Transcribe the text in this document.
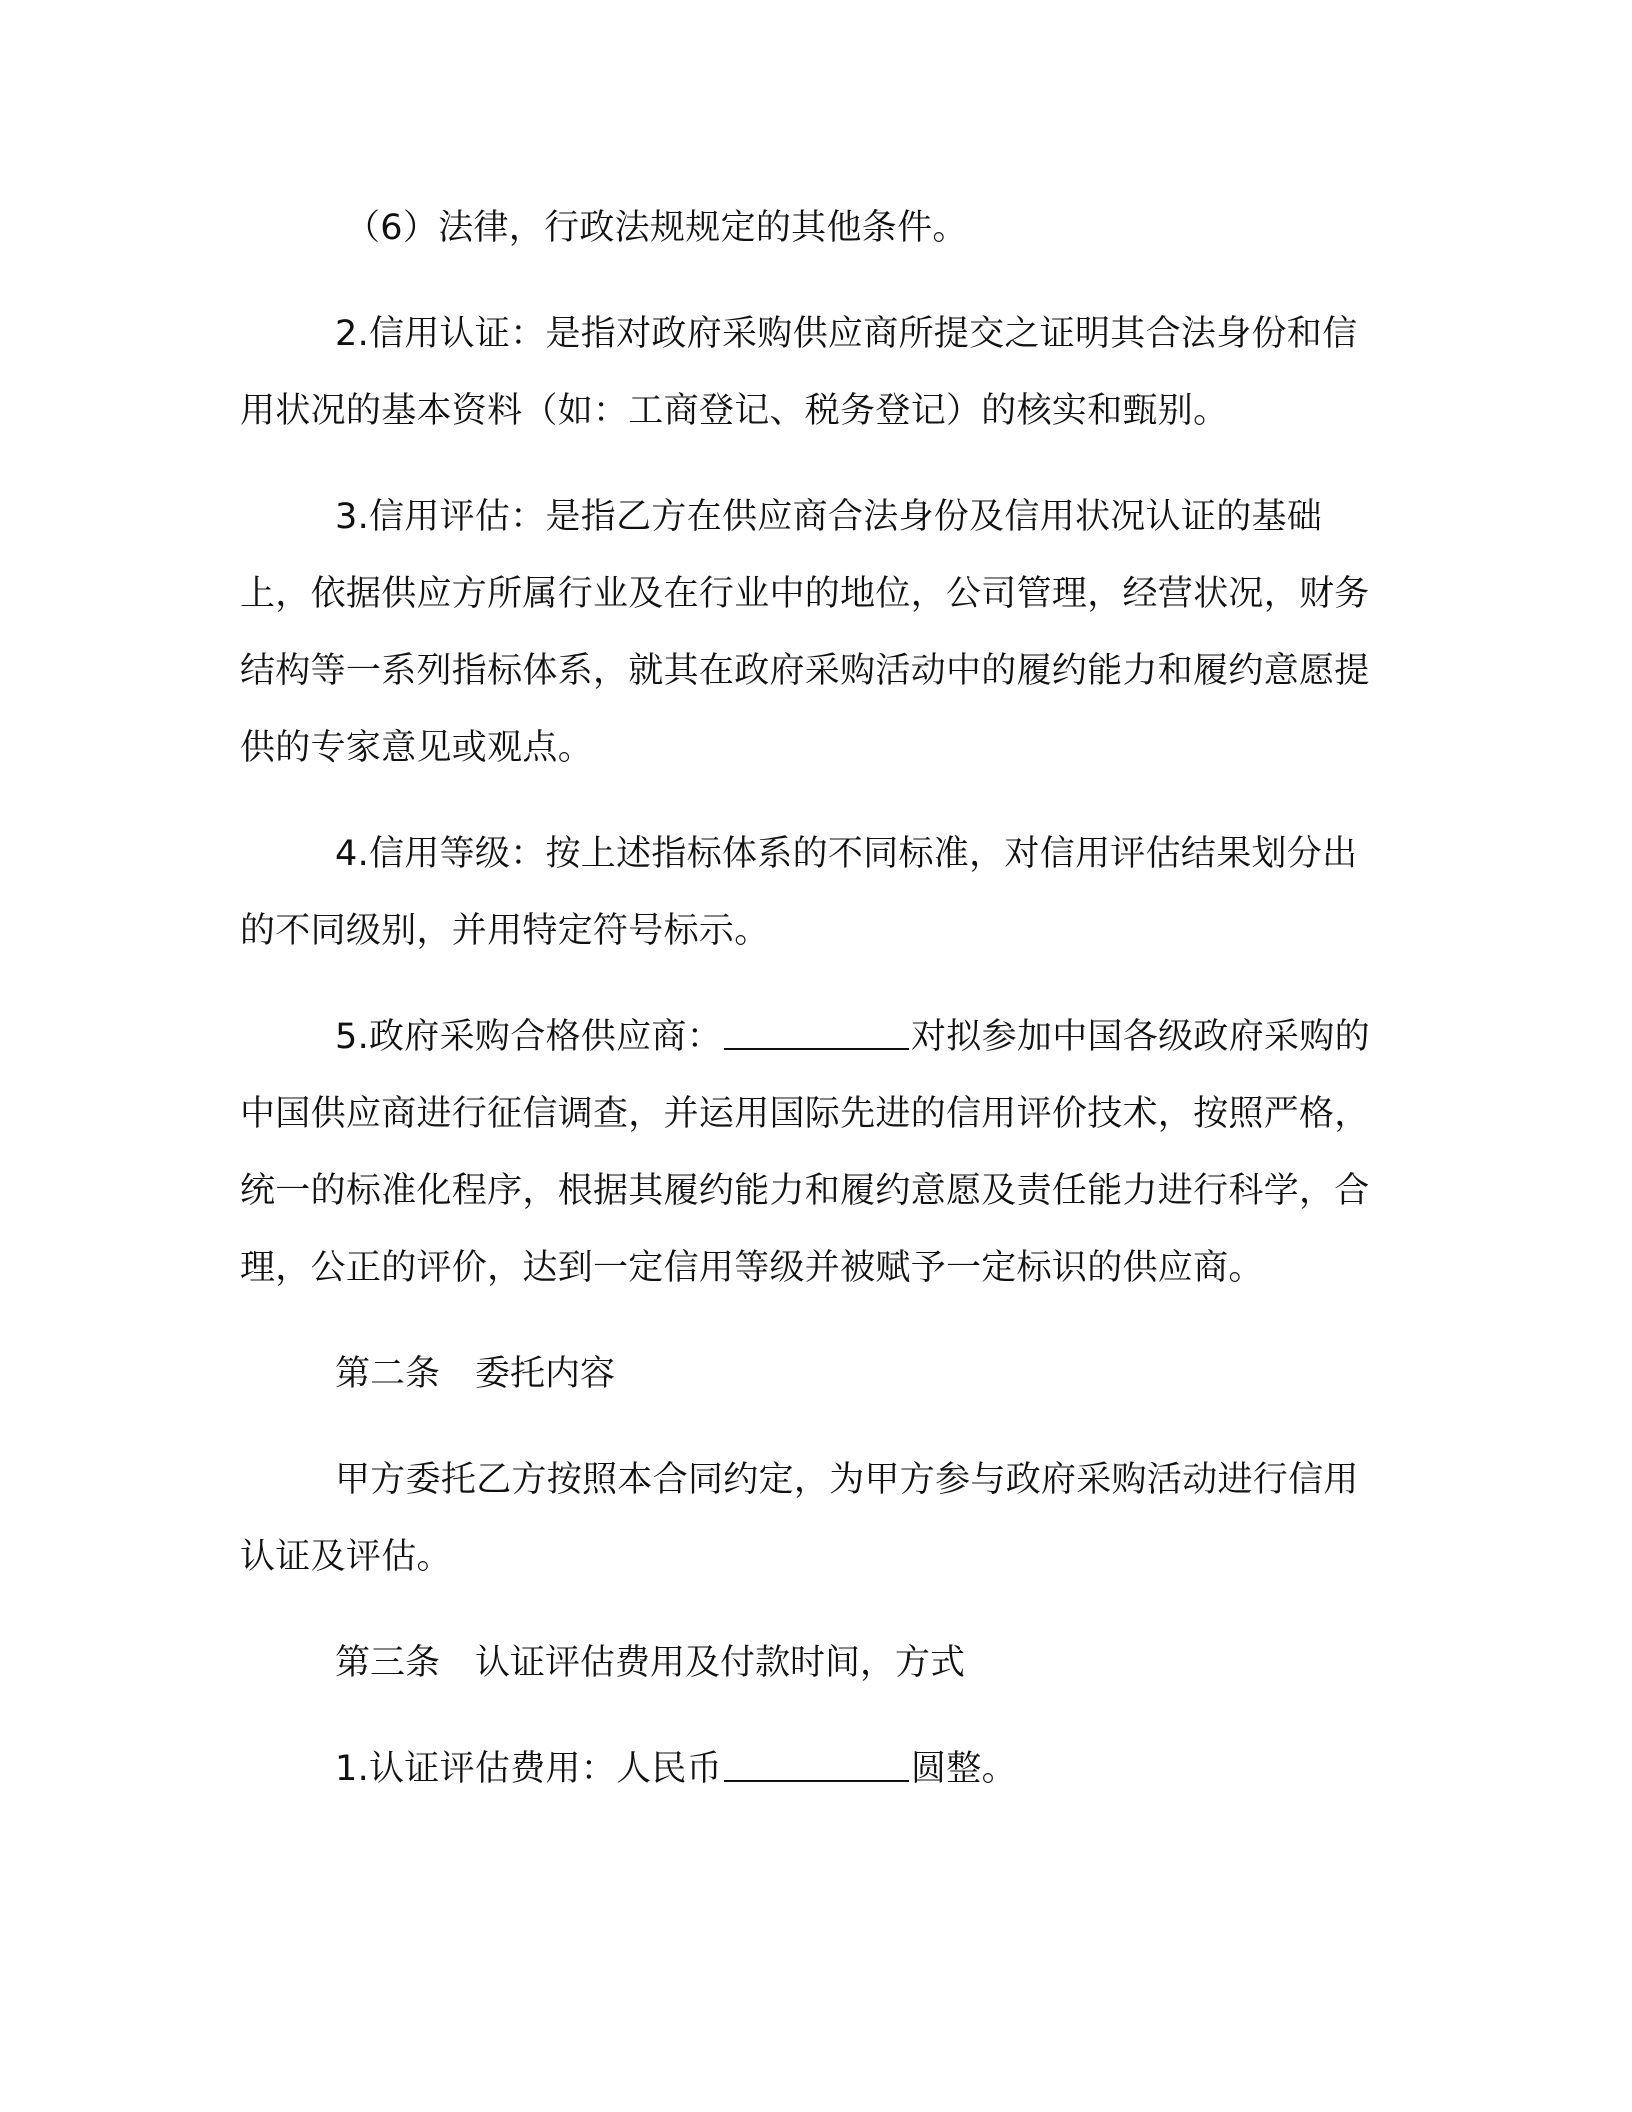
（6）法律，行政法规规定的其他条件。

2.信用认证：是指对政府采购供应商所提交之证明其合法身份和信用状况的基本资料（如：工商登记、税务登记）的核实和甄别。

3.信用评估：是指乙方在供应商合法身份及信用状况认证的基础上，依据供应方所属行业及在行业中的地位，公司管理，经营状况，财务结构等一系列指标体系，就其在政府采购活动中的履约能力和履约意愿提供的专家意见或观点。

4.信用等级：按上述指标体系的不同标准，对信用评估结果划分出的不同级别，并用特定符号标示。

5.政府采购合格供应商：	对拟参加中国各级政府采购的中国供应商进行征信调查，并运用国际先进的信用评价技术，按照严格，统一的标准化程序，根据其履约能力和履约意愿及责任能力进行科学，合理，公正的评价，达到一定信用等级并被赋予一定标识的供应商。

第二条　委托内容

甲方委托乙方按照本合同约定，为甲方参与政府采购活动进行信用认证及评估。

第三条　认证评估费用及付款时间，方式

1.认证评估费用：人民币	圆整。
